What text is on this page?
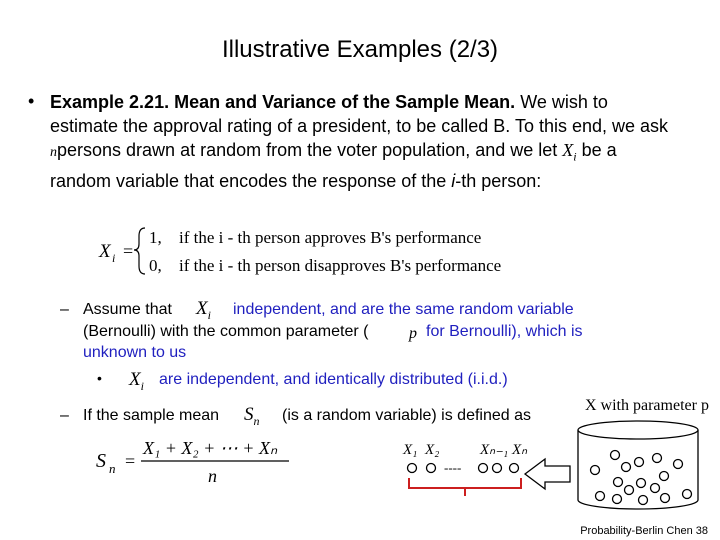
Illustrative Examples (2/3)
• Example 2.21. Mean and Variance of the Sample Mean. We wish to estimate the approval rating of a president, to be called B. To this end, we ask npersons drawn at random from the voter population, and we let $X_i$ be a random variable that encodes the response of the i-th person:
X i =
1, if the i - th person approves B's performance
0, if the i - th person disapproves B's performance
– Assume that $X_i$ independent, and are the same random variable
(Bernoulli) with the common parameter (	p for Bernoulli), which is
unknown to us
• $X_i$ are independent, and identically distributed (i.i.d.)
– If the sample mean $S_n$ (is a random variable) is defined as
S n =
X₁ + X₂ + ⋯ + Xₙ
n
X with parameter p
X₁ X₂	Xₙ₋₁ Xₙ
----
Probability-Berlin Chen 38
